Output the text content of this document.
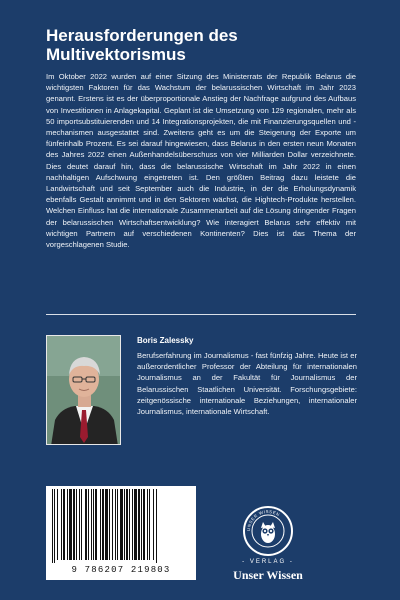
Herausforderungen des Multivektorismus

Im Oktober 2022 wurden auf einer Sitzung des Ministerrats der Republik Belarus die wichtigsten Faktoren für das Wachstum der belarussischen Wirtschaft im Jahr 2023 genannt. Erstens ist es der überproportionale Anstieg der Nachfrage aufgrund des Aufbaus von Investitionen in Anlagekapital. Geplant ist die Umsetzung von 129 regionalen, mehr als 50 importsubstituierenden und 14 Integrationsprojekten, die mit Finanzierungsquellen und -mechanismen ausgestattet sind. Zweitens geht es um die Steigerung der Exporte um fünfeinhalb Prozent. Es sei darauf hingewiesen, dass Belarus in den ersten neun Monaten des Jahres 2022 einen Außenhandelsüberschuss von vier Milliarden Dollar verzeichnete. Dies deutet darauf hin, dass die belarussische Wirtschaft im Jahr 2022 in einen nachhaltigen Aufschwung eingetreten ist. Den größten Beitrag dazu leistete die Landwirtschaft und seit September auch die Industrie, in der die Erholungsdynamik ebenfalls Gestalt annimmt und in den Sektoren wächst, die Hightech-Produkte herstellen. Welchen Einfluss hat die internationale Zusammenarbeit auf die Lösung dringender Fragen der belarussischen Wirtschaftsentwicklung? Wie interagiert Belarus sehr effektiv mit wichtigen Partnern auf verschiedenen Kontinenten? Dies ist das Thema der vorgeschlagenen Studie.

Boris Zalessky
Berufserfahrung im Journalismus - fast fünfzig Jahre. Heute ist er außerordentlicher Professor der Abteilung für internationalen Journalismus an der Fakultät für Journalismus der Belarussischen Staatlichen Universität. Forschungsgebiete: zeitgenössische internationale Beziehungen, internationaler Journalismus, internationale Wirtschaft.
9 786207 219803
UNSER WISSEN
- VERLAG -
Unser Wissen
